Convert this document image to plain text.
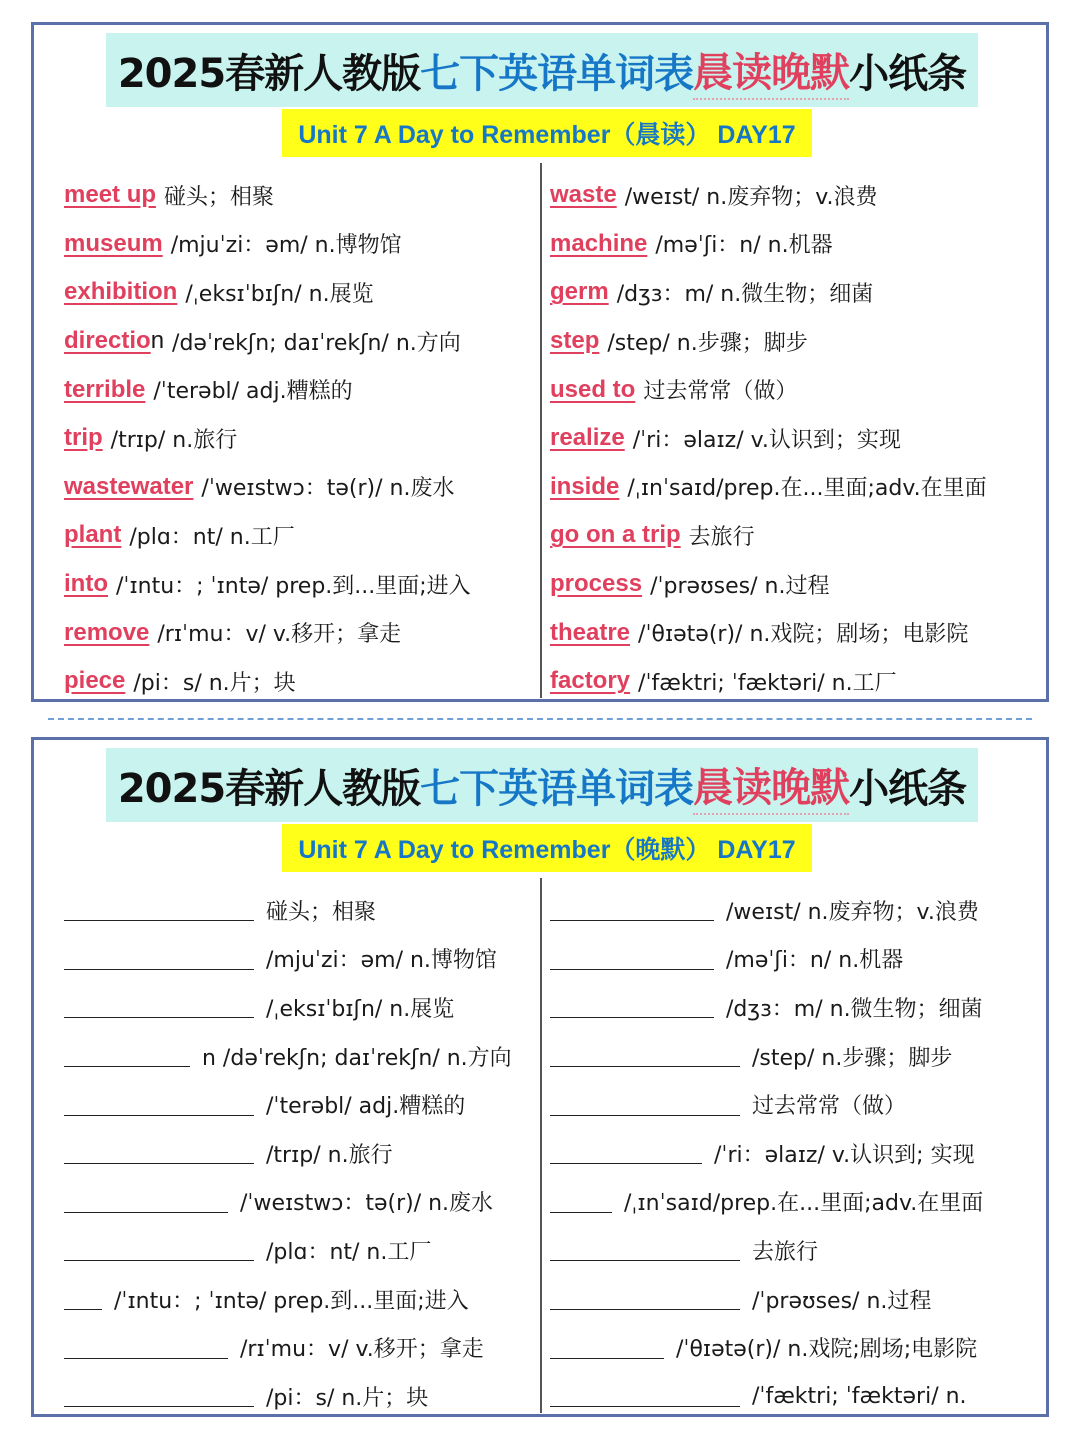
2025春新人教版 七下英语单词表 晨读晚默 小纸条
Unit 7 A Day to Remember（晨读） DAY17
meet up 碰头；相聚
museum /mjuˈzi：əm/ n.博物馆
exhibition /ˌeksɪˈbɪʃn/ n.展览
directio n /dəˈrekʃn; daɪˈrekʃn/ n.方向
terrible /ˈterəbl/ adj.糟糕的
trip /trɪp/ n.旅行
wastewater /ˈweɪstwɔ：tə(r)/ n.废水
plant /plɑ：nt/ n.工厂
into /ˈɪntu：; ˈɪntə/ prep.到...里面;进入
remove /rɪˈmu：v/ v.移开；拿走
piece /pi：s/ n.片；块
waste /weɪst/ n.废弃物；v.浪费
machine /məˈʃi：n/ n.机器
germ /dʒɜ：m/ n.微生物；细菌
step /step/ n.步骤；脚步
used to 过去常常（做）
realize /ˈri：əlaɪz/ v.认识到；实现
inside /ˌɪnˈsaɪd/prep.在...里面;adv.在里面
go on a trip 去旅行
process /ˈprəʊses/ n.过程
theatre /ˈθɪətə(r)/ n.戏院；剧场；电影院
factory /ˈfæktri; ˈfæktəri/ n.工厂
2025春新人教版 七下英语单词表 晨读晚默 小纸条
Unit 7 A Day to Remember（晚默） DAY17
碰头；相聚
/mjuˈzi：əm/ n.博物馆
/ˌeksɪˈbɪʃn/ n.展览
n /dəˈrekʃn; daɪˈrekʃn/ n.方向
/ˈterəbl/ adj.糟糕的
/trɪp/ n.旅行
/ˈweɪstwɔ：tə(r)/ n.废水
/plɑ：nt/ n.工厂
/ˈɪntu：; ˈɪntə/ prep.到...里面;进入
/rɪˈmu：v/ v.移开；拿走
/pi：s/ n.片；块
/weɪst/ n.废弃物；v.浪费
/məˈʃi：n/ n.机器
/dʒɜ：m/ n.微生物；细菌
/step/ n.步骤；脚步
过去常常（做）
/ˈri：əlaɪz/ v.认识到; 实现
/ˌɪnˈsaɪd/prep.在...里面;adv.在里面
去旅行
/ˈprəʊses/ n.过程
/ˈθɪətə(r)/ n.戏院;剧场;电影院
/ˈfæktri; ˈfæktəri/ n.
